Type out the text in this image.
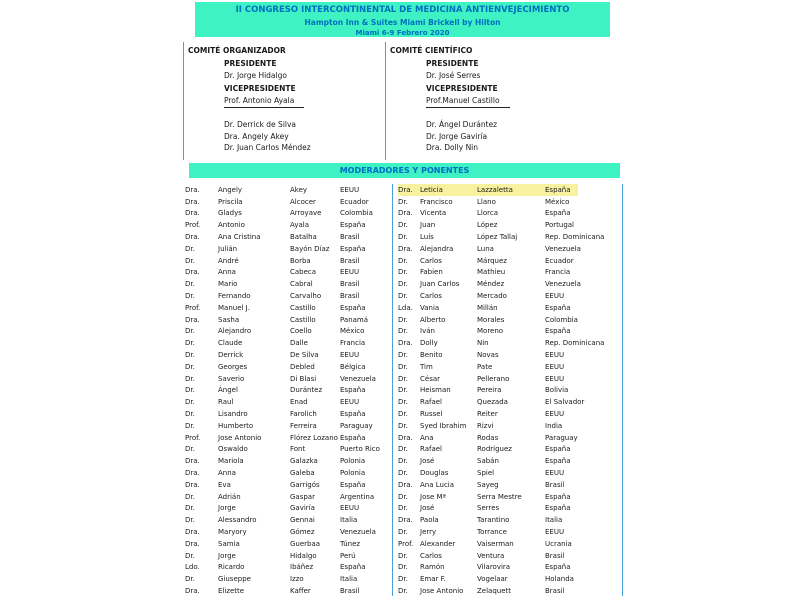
II CONGRESO INTERCONTINENTAL DE MEDICINA ANTIENVEJECIMIENTO
Hampton Inn & Suites Miami Brickell by Hilton
Miami 6-9 Febrero 2020
COMITÉ ORGANIZADOR
PRESIDENTE
Dr. Jorge Hidalgo
VICEPRESIDENTE
Prof. Antonio Ayala
Dr. Derrick de Silva
Dra. Angely Akey
Dr. Juan Carlos Méndez
COMITÉ CIENTÍFICO
PRESIDENTE
Dr. José Serres
VICEPRESIDENTE
Prof.Manuel Castillo
Dr. Ángel Durántez
Dr. Jorge Gaviría
Dra. Dolly Nin
MODERADORES Y PONENTES
Dra.	Angely	Akey	EEUU
Dra.	Priscila	Alcocer	Ecuador
Dra.	Gladys	Arroyave	Colombia
Prof.	Antonio	Ayala	España
Dra.	Ana Cristina	Batalha	Brasil
Dr.	Julián	Bayón Díaz	España
Dr.	André	Borba	Brasil
Dra.	Anna	Cabeca	EEUU
Dr.	Mario	Cabral	Brasil
Dr.	Fernando	Carvalho	Brasil
Prof.	Manuel J.	Castillo	España
Dra.	Sasha	Castillo	Panamá
Dr.	Alejandro	Coello	México
Dr.	Claude	Dalle	Francia
Dr.	Derrick	De Silva	EEUU
Dr.	Georges	Debled	Bélgica
Dr.	Saverio	Di Blasi	Venezuela
Dr.	Ángel	Durántez	España
Dr.	Raul	Enad	EEUU
Dr.	Lisandro	Farolich	España
Dr.	Humberto	Ferreira	Paraguay
Prof.	Jose Antonio	Flórez Lozano España
Dr.	Oswaldo	Font	Puerto Rico
Dra.	Mariola	Galazka	Polonia
Dra.	Anna	Galeba	Polonia
Dra.	Eva	Garrigós	España
Dr.	Adrián	Gaspar	Argentina
Dr.	Jorge	Gaviría	EEUU
Dr.	Alessandro	Gennai	Italia
Dra.	Maryory	Gómez	Venezuela
Dra.	Samia	Guerbaa	Túnez
Dr.	Jorge	Hidalgo	Perú
Ldo.	Ricardo	Ibáñez	España
Dr.	Giuseppe	Izzo	Italia
Dra.	Elizette	Kaffer	Brasil
Dra.	Leticia	Lazzaletta	España
Dr.	Francisco	Llano	México
Dra.	Vicenta	Llorca	España
Dr.	Juan	López	Portugal
Dr.	Luís	López Tallaj	Rep. Dominicana
Dra.	Alejandra	Luna	Venezuela
Dr.	Carlos	Márquez	Ecuador
Dr.	Fabien	Mathieu	Francia
Dr.	Juan Carlos	Méndez	Venezuela
Dr.	Carlos	Mercado	EEUU
Lda.	Vania	Millán	España
Dr.	Alberto	Morales	Colombia
Dr.	Iván	Moreno	España
Dra.	Dolly	Nin	Rep. Dominicana
Dr.	Benito	Novas	EEUU
Dr.	Tim	Pate	EEUU
Dr.	César	Pellerano	EEUU
Dr.	Heisman	Pereira	Bolivia
Dr.	Rafael	Quezada	El Salvador
Dr.	Russel	Reiter	EEUU
Dr.	Syed Ibrahim	Rizvi	India
Dra.	Ana	Rodas	Paraguay
Dr.	Rafael	Rodríguez	España
Dr.	José	Sabán	España
Dr.	Douglas	Spiel	EEUU
Dra.	Ana Lucia	Sayeg	Brasil
Dr.	Jose Mª	Serra Mestre	España
Dr.	José	Serres	España
Dra.	Paola	Tarantino	Italia
Dr.	Jerry	Torrance	EEUU
Prof. Alexander	Vaiserman	Ucrania
Dr.	Carlos	Ventura	Brasil
Dr.	Ramón	Vilarovira	España
Dr.	Emar F.	Vogelaar	Holanda
Dr.	Jose Antonio	Zelaquett	Brasil
